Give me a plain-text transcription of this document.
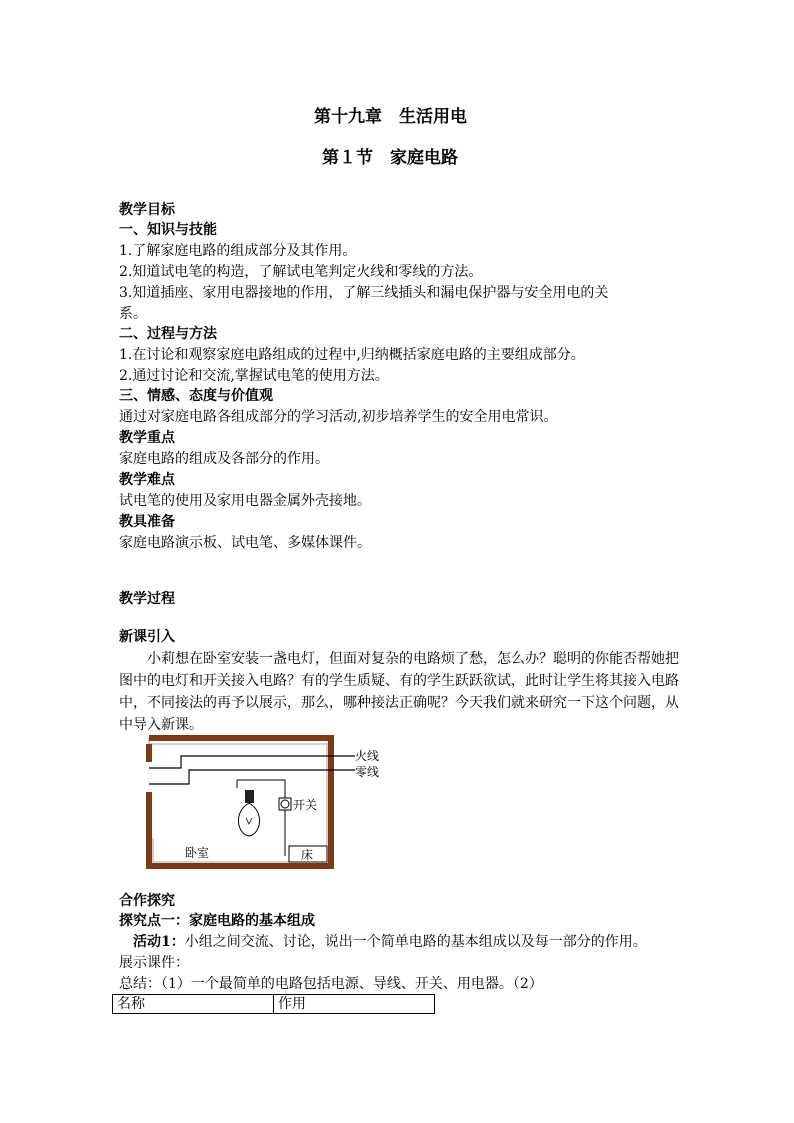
第十九章　生活用电
第１节　家庭电路
教学目标
一、知识与技能
1.了解家庭电路的组成部分及其作用。
2.知道试电笔的构造，了解试电笔判定火线和零线的方法。
3.知道插座、家用电器接地的作用，了解三线插头和漏电保护器与安全用电的关
系。
二、过程与方法
1.在讨论和观察家庭电路组成的过程中,归纳概括家庭电路的主要组成部分。
2.通过讨论和交流,掌握试电笔的使用方法。
三、情感、态度与价值观
通过对家庭电路各组成部分的学习活动,初步培养学生的安全用电常识。
教学重点
家庭电路的组成及各部分的作用。
教学难点
试电笔的使用及家用电器金属外壳接地。
教具准备
家庭电路演示板、试电笔、多媒体课件。
教学过程
新课引入
小莉想在卧室安装一盏电灯，但面对复杂的电路烦了愁，怎么办？聪明的你能否帮她把图中的电灯和开关接入电路？有的学生质疑、有的学生跃跃欲试，此时让学生将其接入电路中，不同接法的再予以展示，那么，哪种接法正确呢？今天我们就来研究一下这个问题，从中导入新课。
火线
零线
开关
卧室	床
合作探究
探究点一：家庭电路的基本组成
活动1：小组之间交流、讨论，说出一个简单电路的基本组成以及每一部分的作用。
展示课件：
总结：（1）一个最简单的电路包括电源、导线、开关、用电器。（2）
名称	作用
